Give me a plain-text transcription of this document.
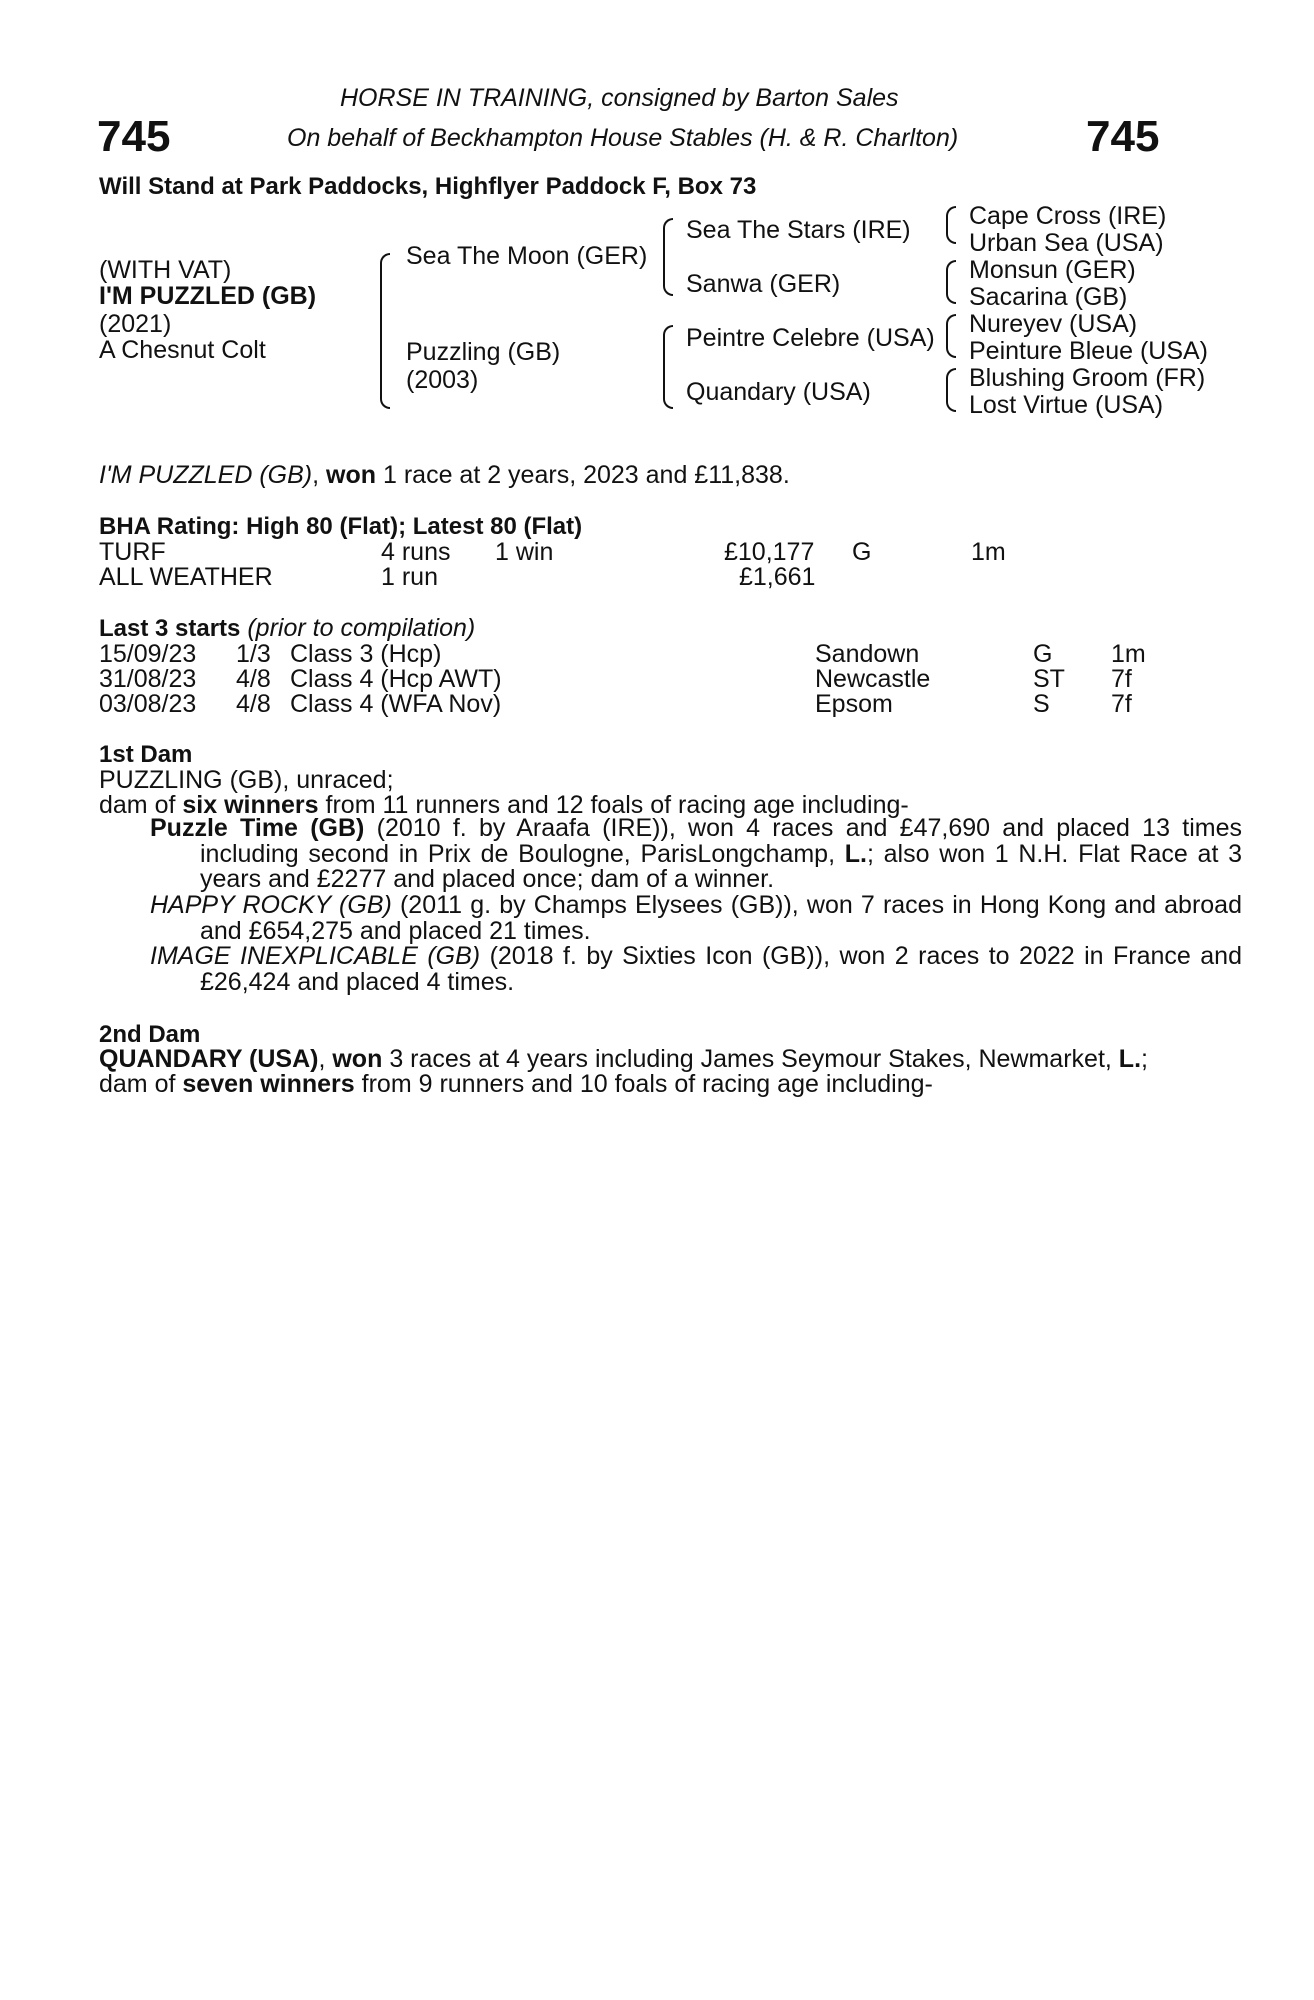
745	745
HORSE IN TRAINING, consigned by Barton Sales
On behalf of Beckhampton House Stables (H. & R. Charlton)
Will Stand at Park Paddocks, Highflyer Paddock F, Box 73
(WITH VAT)
I'M PUZZLED (GB)
(2021)
A Chesnut Colt
Sea The Moon (GER)
Puzzling (GB)
(2003)
Sea The Stars (IRE)
Sanwa (GER)
Peintre Celebre (USA)
Quandary (USA)
Cape Cross (IRE)
Urban Sea (USA)
Monsun (GER)
Sacarina (GB)
Nureyev (USA)
Peinture Bleue (USA)
Blushing Groom (FR)
Lost Virtue (USA)
I'M PUZZLED (GB), won 1 race at 2 years, 2023 and £11,838.
BHA Rating: High 80 (Flat); Latest 80 (Flat)
TURF	4 runs 1 win	£10,177 G	1m
ALL WEATHER	1 run	£1,661
Last 3 starts (prior to compilation)
15/09/23 1/3 Class 3 (Hcp)	Sandown	G 1m
31/08/23 4/8 Class 4 (Hcp AWT)	Newcastle	ST 7f
03/08/23 4/8 Class 4 (WFA Nov)	Epsom	S 7f
1st Dam
PUZZLING (GB), unraced;
dam of six winners from 11 runners and 12 foals of racing age including-
Puzzle Time (GB) (2010 f. by Araafa (IRE)), won 4 races and £47,690 and placed 13 times including second in Prix de Boulogne, ParisLongchamp, L.; also won 1 N.H. Flat Race at 3 years and £2277 and placed once; dam of a winner.
HAPPY ROCKY (GB) (2011 g. by Champs Elysees (GB)), won 7 races in Hong Kong and abroad and £654,275 and placed 21 times.
IMAGE INEXPLICABLE (GB) (2018 f. by Sixties Icon (GB)), won 2 races to 2022 in France and £26,424 and placed 4 times.
2nd Dam
QUANDARY (USA), won 3 races at 4 years including James Seymour Stakes, Newmarket, L.;
dam of seven winners from 9 runners and 10 foals of racing age including-
